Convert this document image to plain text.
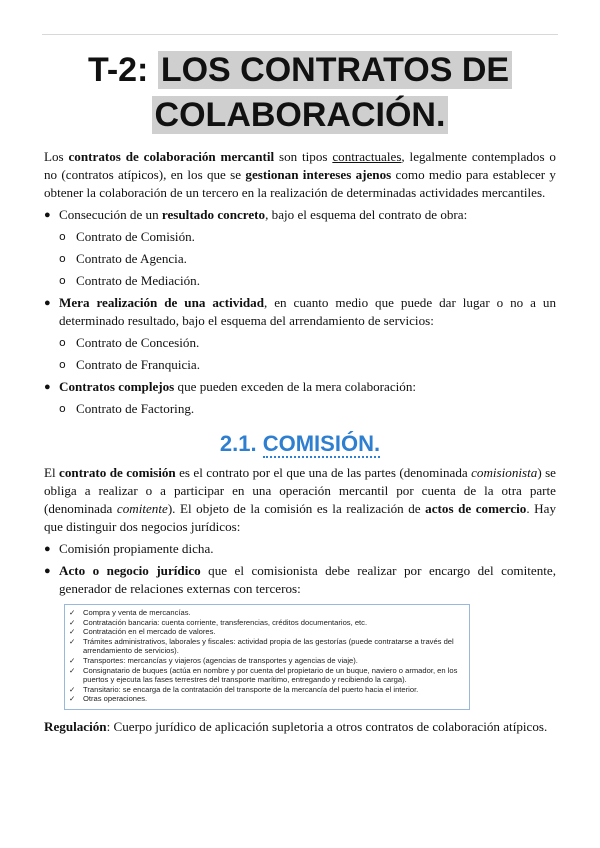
T-2: LOS CONTRATOS DE
COLABORACIÓN.

Los contratos de colaboración mercantil son tipos contractuales, legalmente contemplados o no (contratos atípicos), en los que se gestionan intereses ajenos como medio para establecer y obtener la colaboración de un tercero en la realización de determinadas actividades mercantiles.

● Consecución de un resultado concreto, bajo el esquema del contrato de obra:
o Contrato de Comisión.
o Contrato de Agencia.
o Contrato de Mediación.
● Mera realización de una actividad, en cuanto medio que puede dar lugar o no a un determinado resultado, bajo el esquema del arrendamiento de servicios:
o Contrato de Concesión.
o Contrato de Franquicia.
● Contratos complejos que pueden exceden de la mera colaboración:
o Contrato de Factoring.
2.1. COMISIÓN.

El contrato de comisión es el contrato por el que una de las partes (denominada comisionista) se obliga a realizar o a participar en una operación mercantil por cuenta de la otra parte (denominada comitente). El objeto de la comisión es la realización de actos de comercio. Hay que distinguir dos negocios jurídicos:

● Comisión propiamente dicha.
● Acto o negocio jurídico que el comisionista debe realizar por encargo del comitente, generador de relaciones externas con terceros:
✓	Compra y venta de mercancías.
✓	Contratación bancaria: cuenta corriente, transferencias, créditos documentarios, etc.
✓	Contratación en el mercado de valores.
✓	Trámites administrativos, laborales y fiscales: actividad propia de las gestorías (puede contratarse a través del arrendamiento de servicios).
✓	Transportes: mercancías y viajeros (agencias de transportes y agencias de viaje).
✓	Consignatario de buques (actúa en nombre y por cuenta del propietario de un buque, naviero o armador, en los puertos y ejecuta las fases terrestres del transporte marítimo, entregando y recibiendo la carga).
✓	Transitario: se encarga de la contratación del transporte de la mercancía del puerto hacia el interior.
✓	Otras operaciones.

Regulación: Cuerpo jurídico de aplicación supletoria a otros contratos de colaboración atípicos.
